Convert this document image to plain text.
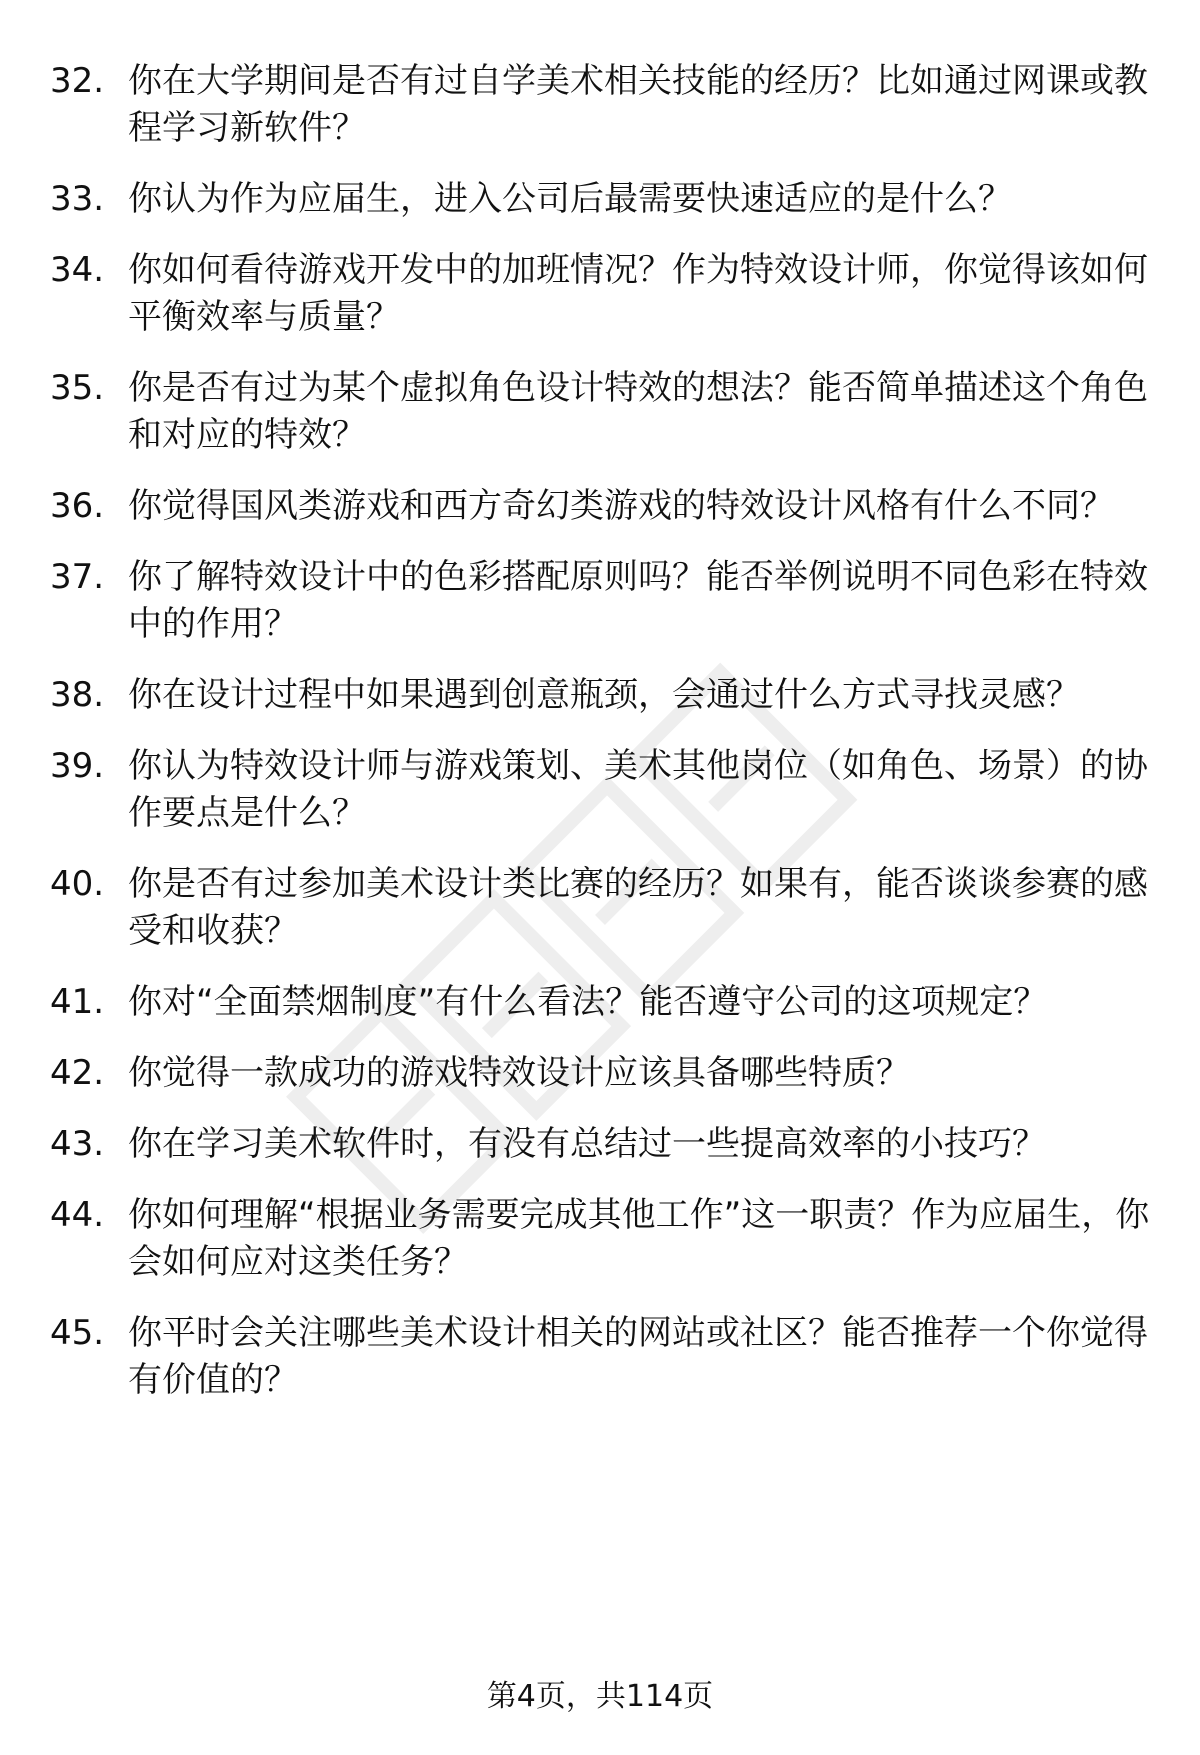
32. 你在大学期间是否有过自学美术相关技能的经历？比如通过网课或教程学习新软件？
33. 你认为作为应届生，进入公司后最需要快速适应的是什么？
34. 你如何看待游戏开发中的加班情况？作为特效设计师，你觉得该如何平衡效率与质量？
35. 你是否有过为某个虚拟角色设计特效的想法？能否简单描述这个角色和对应的特效？
36. 你觉得国风类游戏和西方奇幻类游戏的特效设计风格有什么不同？
37. 你了解特效设计中的色彩搭配原则吗？能否举例说明不同色彩在特效中的作用？
38. 你在设计过程中如果遇到创意瓶颈，会通过什么方式寻找灵感？
39. 你认为特效设计师与游戏策划、美术其他岗位（如角色、场景）的协作要点是什么？
40. 你是否有过参加美术设计类比赛的经历？如果有，能否谈谈参赛的感受和收获？
41. 你对“全面禁烟制度”有什么看法？能否遵守公司的这项规定？
42. 你觉得一款成功的游戏特效设计应该具备哪些特质？
43. 你在学习美术软件时，有没有总结过一些提高效率的小技巧？
44. 你如何理解“根据业务需要完成其他工作”这一职责？作为应届生，你会如何应对这类任务？
45. 你平时会关注哪些美术设计相关的网站或社区？能否推荐一个你觉得有价值的？
第4页，共114页
